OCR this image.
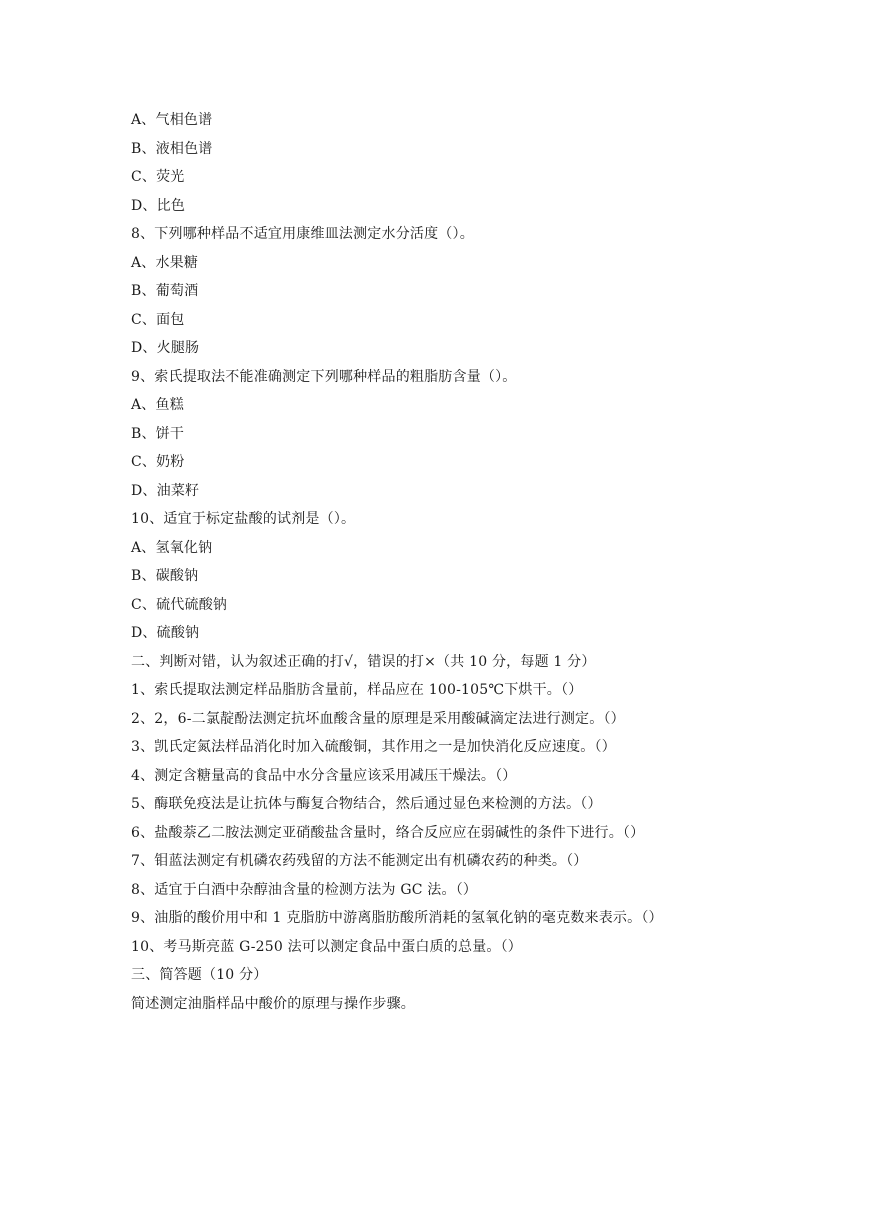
A、气相色谱
B、液相色谱
C、荧光
D、比色
8、下列哪种样品不适宜用康维皿法测定水分活度（）。
A、水果糖
B、葡萄酒
C、面包
D、火腿肠
9、索氏提取法不能准确测定下列哪种样品的粗脂肪含量（）。
A、鱼糕
B、饼干
C、奶粉
D、油菜籽
10、适宜于标定盐酸的试剂是（）。
A、氢氧化钠
B、碳酸钠
C、硫代硫酸钠
D、硫酸钠
二、判断对错，认为叙述正确的打√，错误的打×（共 10 分，每题 1 分）
1、索氏提取法测定样品脂肪含量前，样品应在 100-105℃下烘干。（）
2、2，6-二氯靛酚法测定抗坏血酸含量的原理是采用酸碱滴定法进行测定。（）
3、凯氏定氮法样品消化时加入硫酸铜，其作用之一是加快消化反应速度。（）
4、测定含糖量高的食品中水分含量应该采用减压干燥法。（）
5、酶联免疫法是让抗体与酶复合物结合，然后通过显色来检测的方法。（）
6、盐酸萘乙二胺法测定亚硝酸盐含量时，络合反应应在弱碱性的条件下进行。（）
7、钼蓝法测定有机磷农药残留的方法不能测定出有机磷农药的种类。（）
8、适宜于白酒中杂醇油含量的检测方法为 GC 法。（）
9、油脂的酸价用中和 1 克脂肪中游离脂肪酸所消耗的氢氧化钠的毫克数来表示。（）
10、考马斯亮蓝 G-250 法可以测定食品中蛋白质的总量。（）
三、简答题（10 分）
简述测定油脂样品中酸价的原理与操作步骤。
